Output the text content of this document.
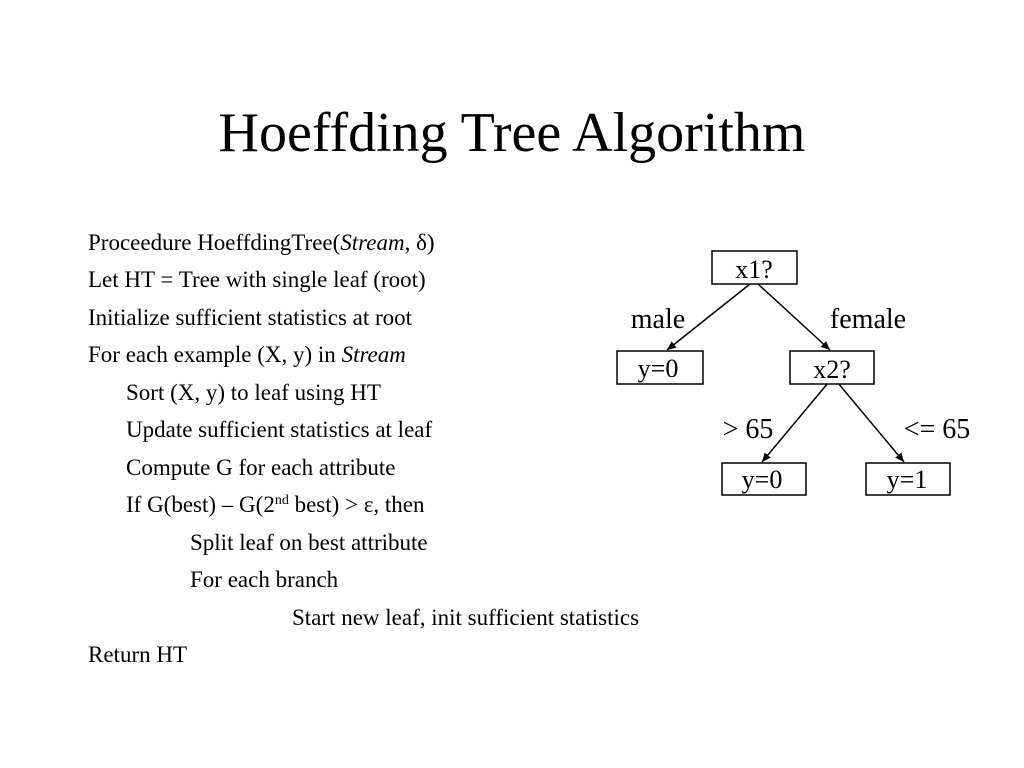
Hoeffding Tree Algorithm
Proceedure HoeffdingTree(Stream, δ)
Let HT = Tree with single leaf (root)
Initialize sufficient statistics at root
For each example (X, y) in Stream
Sort (X, y) to leaf using HT
Update sufficient statistics at leaf
Compute G for each attribute
If G(best) – G(2nd best) > ε, then
Split leaf on best attribute
For each branch
Start new leaf, init sufficient statistics
Return HT
x1?
male	female
y=0	x2?
> 65	<= 65
y=0	y=1
